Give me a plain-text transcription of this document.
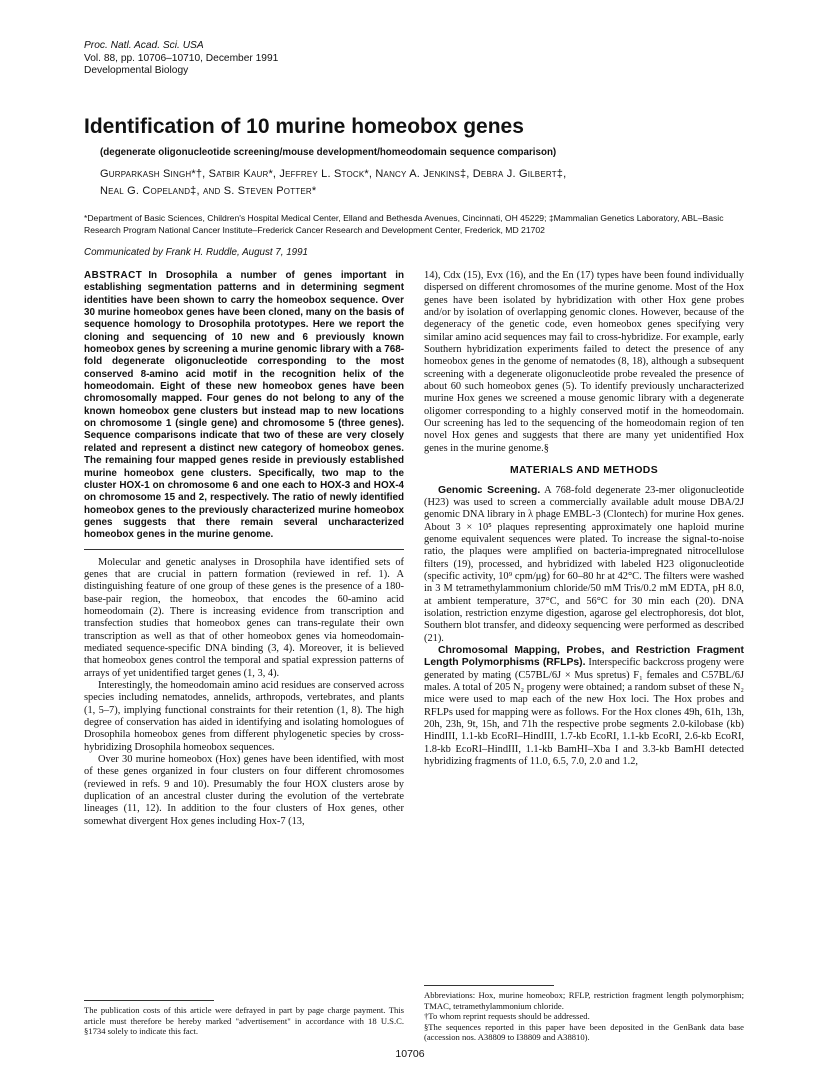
Proc. Natl. Acad. Sci. USA
Vol. 88, pp. 10706–10710, December 1991
Developmental Biology
Identification of 10 murine homeobox genes
(degenerate oligonucleotide screening/mouse development/homeodomain sequence comparison)
Gurparkash Singh*†, Satbir Kaur*, Jeffrey L. Stock*, Nancy A. Jenkins‡, Debra J. Gilbert‡,
Neal G. Copeland‡, and S. Steven Potter*
*Department of Basic Sciences, Children's Hospital Medical Center, Elland and Bethesda Avenues, Cincinnati, OH 45229; ‡Mammalian Genetics Laboratory, ABL–Basic Research Program National Cancer Institute–Frederick Cancer Research and Development Center, Frederick, MD 21702
Communicated by Frank H. Ruddle, August 7, 1991
ABSTRACT In Drosophila a number of genes important in establishing segmentation patterns and in determining segment identities have been shown to carry the homeobox sequence. Over 30 murine homeobox genes have been cloned, many on the basis of sequence homology to Drosophila prototypes. Here we report the cloning and sequencing of 10 new and 6 previously known homeobox genes by screening a murine genomic library with a 768-fold degenerate oligonucleotide corresponding to the most conserved 8-amino acid motif in the recognition helix of the homeodomain. Eight of these new homeobox genes have been chromosomally mapped. Four genes do not belong to any of the known homeobox gene clusters but instead map to new locations on chromosome 1 (single gene) and chromosome 5 (three genes). Sequence comparisons indicate that two of these are very closely related and represent a distinct new category of homeobox genes. The remaining four mapped genes reside in previously established murine homeobox gene clusters. Specifically, two map to the cluster HOX-1 on chromosome 6 and one each to HOX-3 and HOX-4 on chromosome 15 and 2, respectively. The ratio of newly identified homeobox genes to the previously characterized murine homeobox genes suggests that there remain several uncharacterized homeobox genes in the murine genome.

Molecular and genetic analyses in Drosophila have identified sets of genes that are crucial in pattern formation (reviewed in ref. 1). A distinguishing feature of one group of these genes is the presence of a 180-base-pair region, the homeobox, that encodes the 60-amino acid homeodomain (2). There is increasing evidence from transcription and transfection studies that homeobox genes can trans-regulate their own transcription as well as that of other homeobox genes via homeodomain-mediated sequence-specific DNA binding (3, 4). Moreover, it is believed that homeobox genes control the temporal and spatial expression patterns of arrays of yet unidentified target genes (1, 3, 4).

Interestingly, the homeodomain amino acid residues are conserved across species including nematodes, annelids, arthropods, vertebrates, and plants (1, 5–7), implying functional constraints for their retention (1, 8). The high degree of conservation has aided in identifying and isolating homologues of Drosophila homeobox genes from different phylogenetic species by cross-hybridizing Drosophila homeobox sequences.

Over 30 murine homeobox (Hox) genes have been identified, with most of these genes organized in four clusters on four different chromosomes (reviewed in refs. 9 and 10). Presumably the four HOX clusters arose by duplication of an ancestral cluster during the evolution of the vertebrate lineages (11, 12). In addition to the four clusters of Hox genes, other somewhat divergent Hox genes including Hox-7 (13,

14), Cdx (15), Evx (16), and the En (17) types have been found individually dispersed on different chromosomes of the murine genome. Most of the Hox genes have been isolated by hybridization with other Hox gene probes and/or by isolation of overlapping genomic clones. However, because of the degeneracy of the genetic code, even homeobox genes specifying very similar amino acid sequences may fail to cross-hybridize. For example, early Southern hybridization experiments failed to detect the presence of any homeobox genes in the genome of nematodes (8, 18), although a subsequent screening with a degenerate oligonucleotide probe revealed the presence of about 60 such homeobox genes (5). To identify previously uncharacterized murine Hox genes we screened a mouse genomic library with a degenerate oligomer corresponding to a highly conserved motif in the homeodomain. Our screening has led to the sequencing of the homeodomain region of ten novel Hox genes and suggests that there are many yet unidentified Hox genes in the murine genome.§

MATERIALS AND METHODS

Genomic Screening. A 768-fold degenerate 23-mer oligonucleotide (H23) was used to screen a commercially available adult mouse DBA/2J genomic DNA library in λ phage EMBL-3 (Clontech) for murine Hox genes. About 3 × 10⁵ plaques representing approximately one haploid murine genome equivalent sequences were plated. To increase the signal-to-noise ratio, the plaques were amplified on bacteria-impregnated nitrocellulose filters (19), processed, and hybridized with labeled H23 oligonucleotide (specific activity, 10⁹ cpm/μg) for 60–80 hr at 42°C. The filters were washed in 3 M tetramethylammonium chloride/50 mM Tris/0.2 mM EDTA, pH 8.0, at ambient temperature, 37°C, and 56°C for 30 min each (20). DNA isolation, restriction enzyme digestion, agarose gel electrophoresis, dot blot, Southern blot transfer, and dideoxy sequencing were performed as described (21).

Chromosomal Mapping, Probes, and Restriction Fragment Length Polymorphisms (RFLPs). Interspecific backcross progeny were generated by mating (C57BL/6J × Mus spretus) F₁ females and C57BL/6J males. A total of 205 N₂ progeny were obtained; a random subset of these N₂ mice were used to map each of the new Hox loci. The Hox probes and RFLPs used for mapping were as follows. For the Hox clones 49h, 61h, 13h, 20h, 23h, 9t, 15h, and 71h the respective probe segments 2.0-kilobase (kb) HindIII, 1.1-kb EcoRI–HindIII, 1.7-kb EcoRI, 1.1-kb EcoRI, 2.6-kb EcoRI, 1.8-kb EcoRI–HindIII, 1.1-kb BamHI–Xba I and 3.3-kb BamHI detected hybridizing fragments of 11.0, 6.5, 7.0, 2.0 and 1.2,

The publication costs of this article were defrayed in part by page charge payment. This article must therefore be hereby marked "advertisement" in accordance with 18 U.S.C. §1734 solely to indicate this fact.

Abbreviations: Hox, murine homeobox; RFLP, restriction fragment length polymorphism; TMAC, tetramethylammonium chloride.

†To whom reprint requests should be addressed.

§The sequences reported in this paper have been deposited in the GenBank data base (accession nos. A38809 to I38809 and A38810).

10706
